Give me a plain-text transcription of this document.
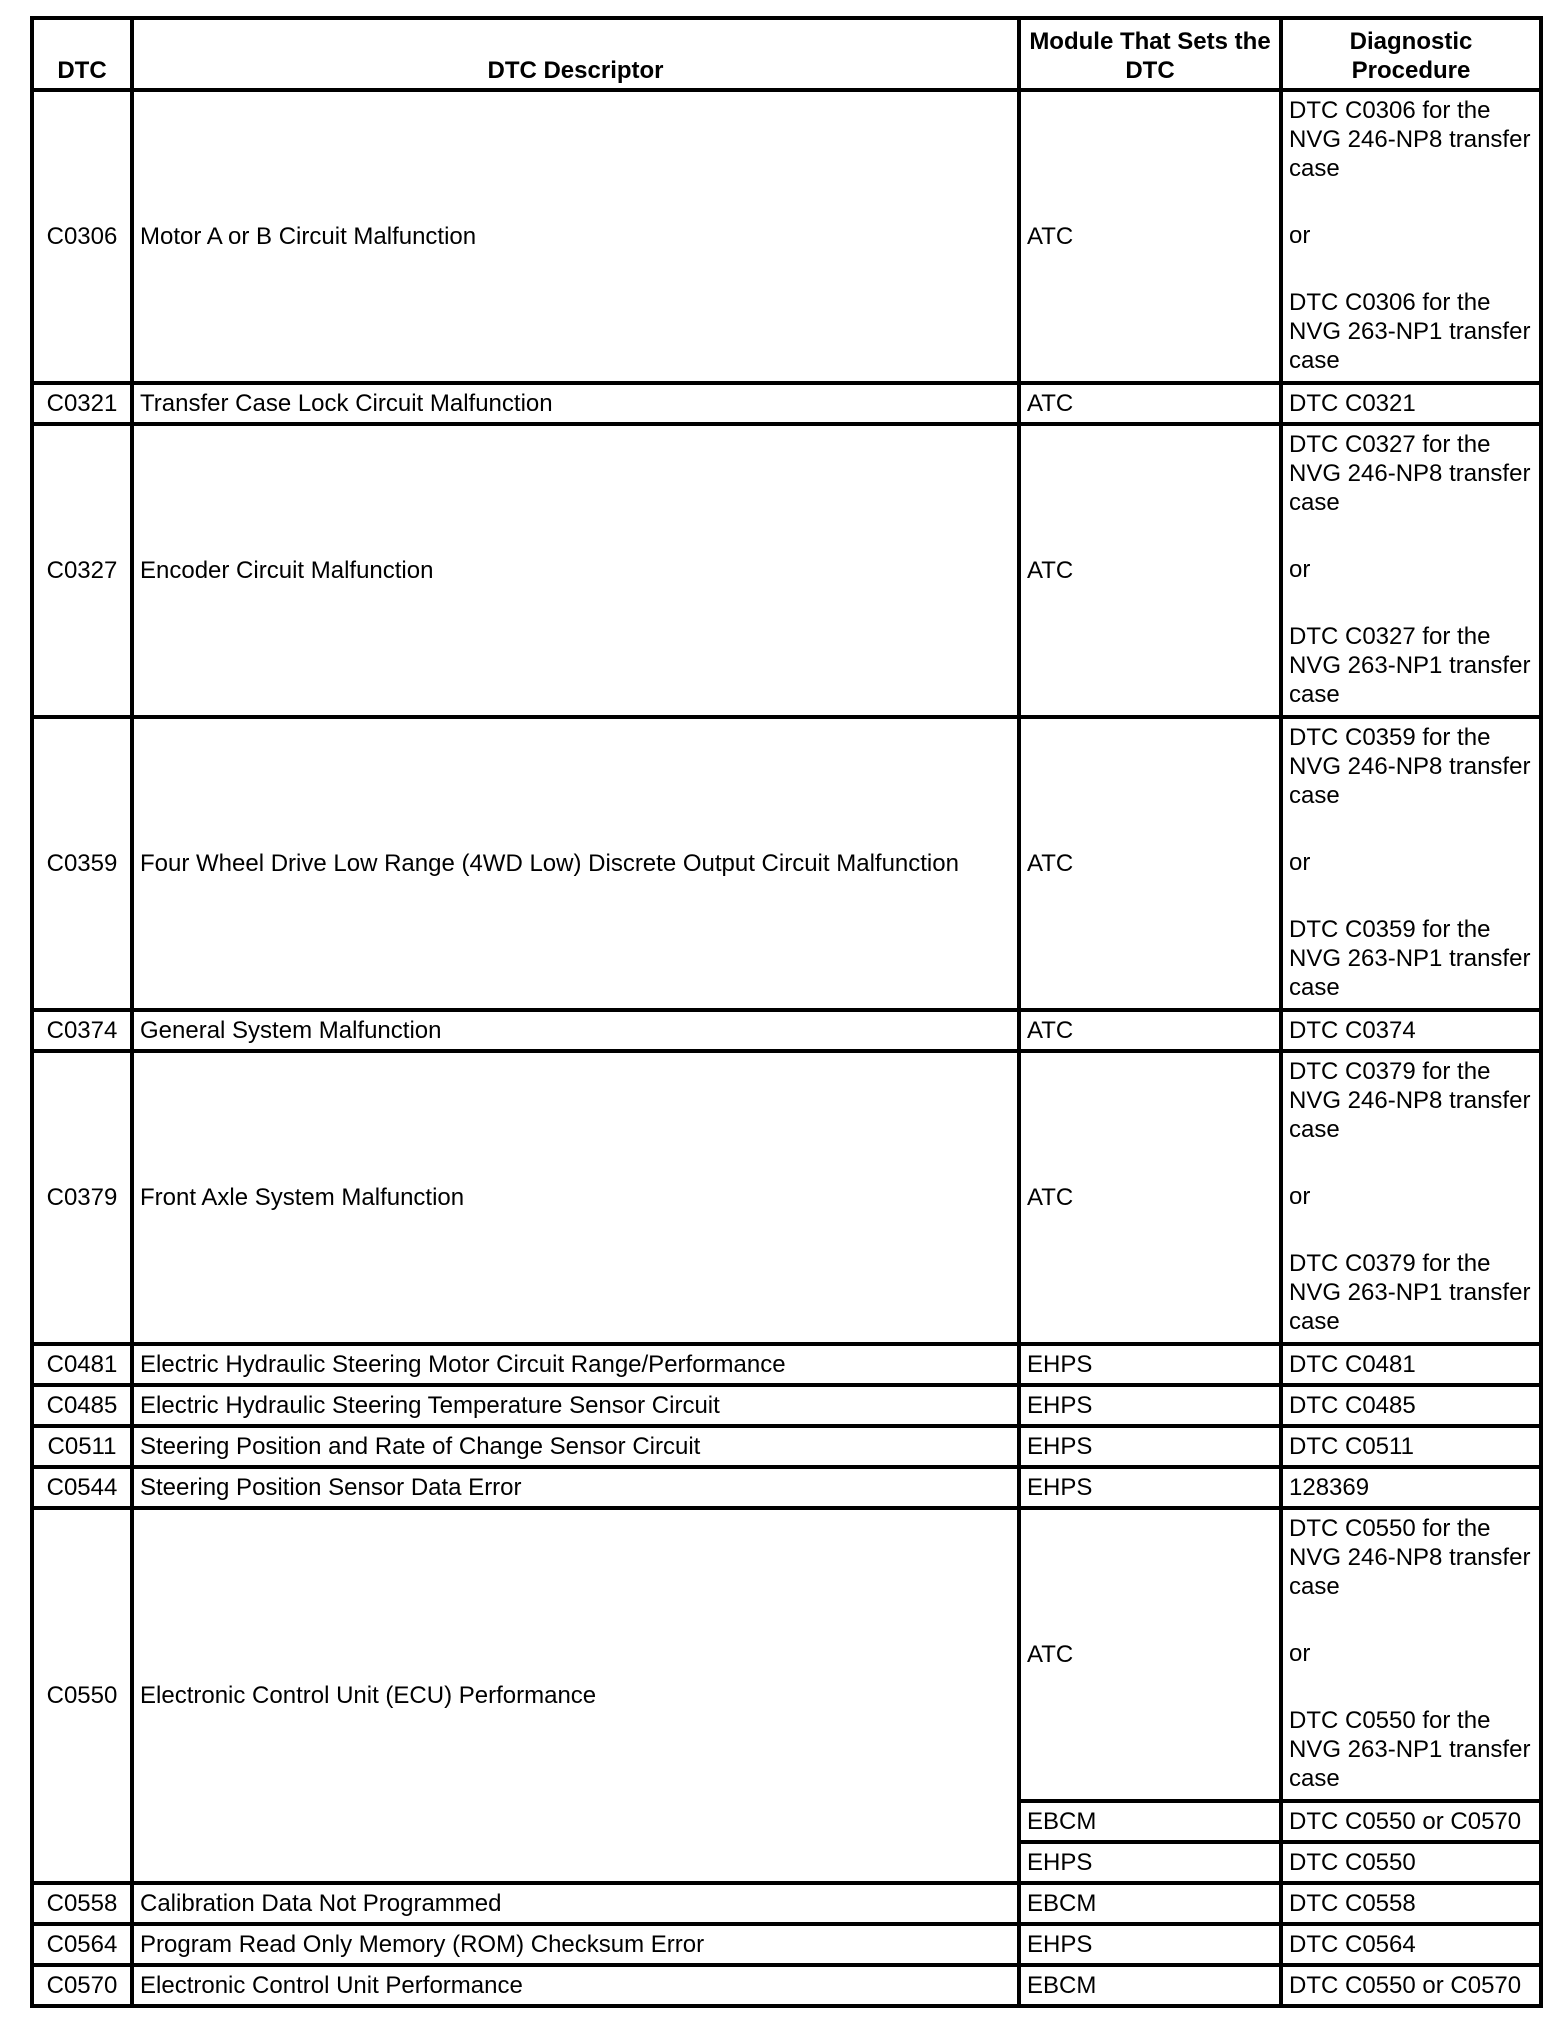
DTC	DTC Descriptor	Module That Sets the DTC	Diagnostic Procedure
C0306	Motor A or B Circuit Malfunction	ATC	DTC C0306 for the NVG 246-NP8 transfer case
or
DTC C0306 for the NVG 263-NP1 transfer case

C0321	Transfer Case Lock Circuit Malfunction	ATC	DTC C0321
C0327	Encoder Circuit Malfunction	ATC	DTC C0327 for the NVG 246-NP8 transfer case
or
DTC C0327 for the NVG 263-NP1 transfer case

C0359	Four Wheel Drive Low Range (4WD Low) Discrete Output Circuit Malfunction	ATC	DTC C0359 for the NVG 246-NP8 transfer case
or
DTC C0359 for the NVG 263-NP1 transfer case

C0374	General System Malfunction	ATC	DTC C0374
C0379	Front Axle System Malfunction	ATC	DTC C0379 for the NVG 246-NP8 transfer case
or
DTC C0379 for the NVG 263-NP1 transfer case

C0481	Electric Hydraulic Steering Motor Circuit Range/Performance	EHPS	DTC C0481
C0485	Electric Hydraulic Steering Temperature Sensor Circuit	EHPS	DTC C0485
C0511	Steering Position and Rate of Change Sensor Circuit	EHPS	DTC C0511
C0544	Steering Position Sensor Data Error	EHPS	128369
C0550	Electronic Control Unit (ECU) Performance	ATC	DTC C0550 for the NVG 246-NP8 transfer case
or
DTC C0550 for the NVG 263-NP1 transfer case

		EBCM	DTC C0550 or C0570
		EHPS	DTC C0550
C0558	Calibration Data Not Programmed	EBCM	DTC C0558
C0564	Program Read Only Memory (ROM) Checksum Error	EHPS	DTC C0564
C0570	Electronic Control Unit Performance	EBCM	DTC C0550 or C0570
